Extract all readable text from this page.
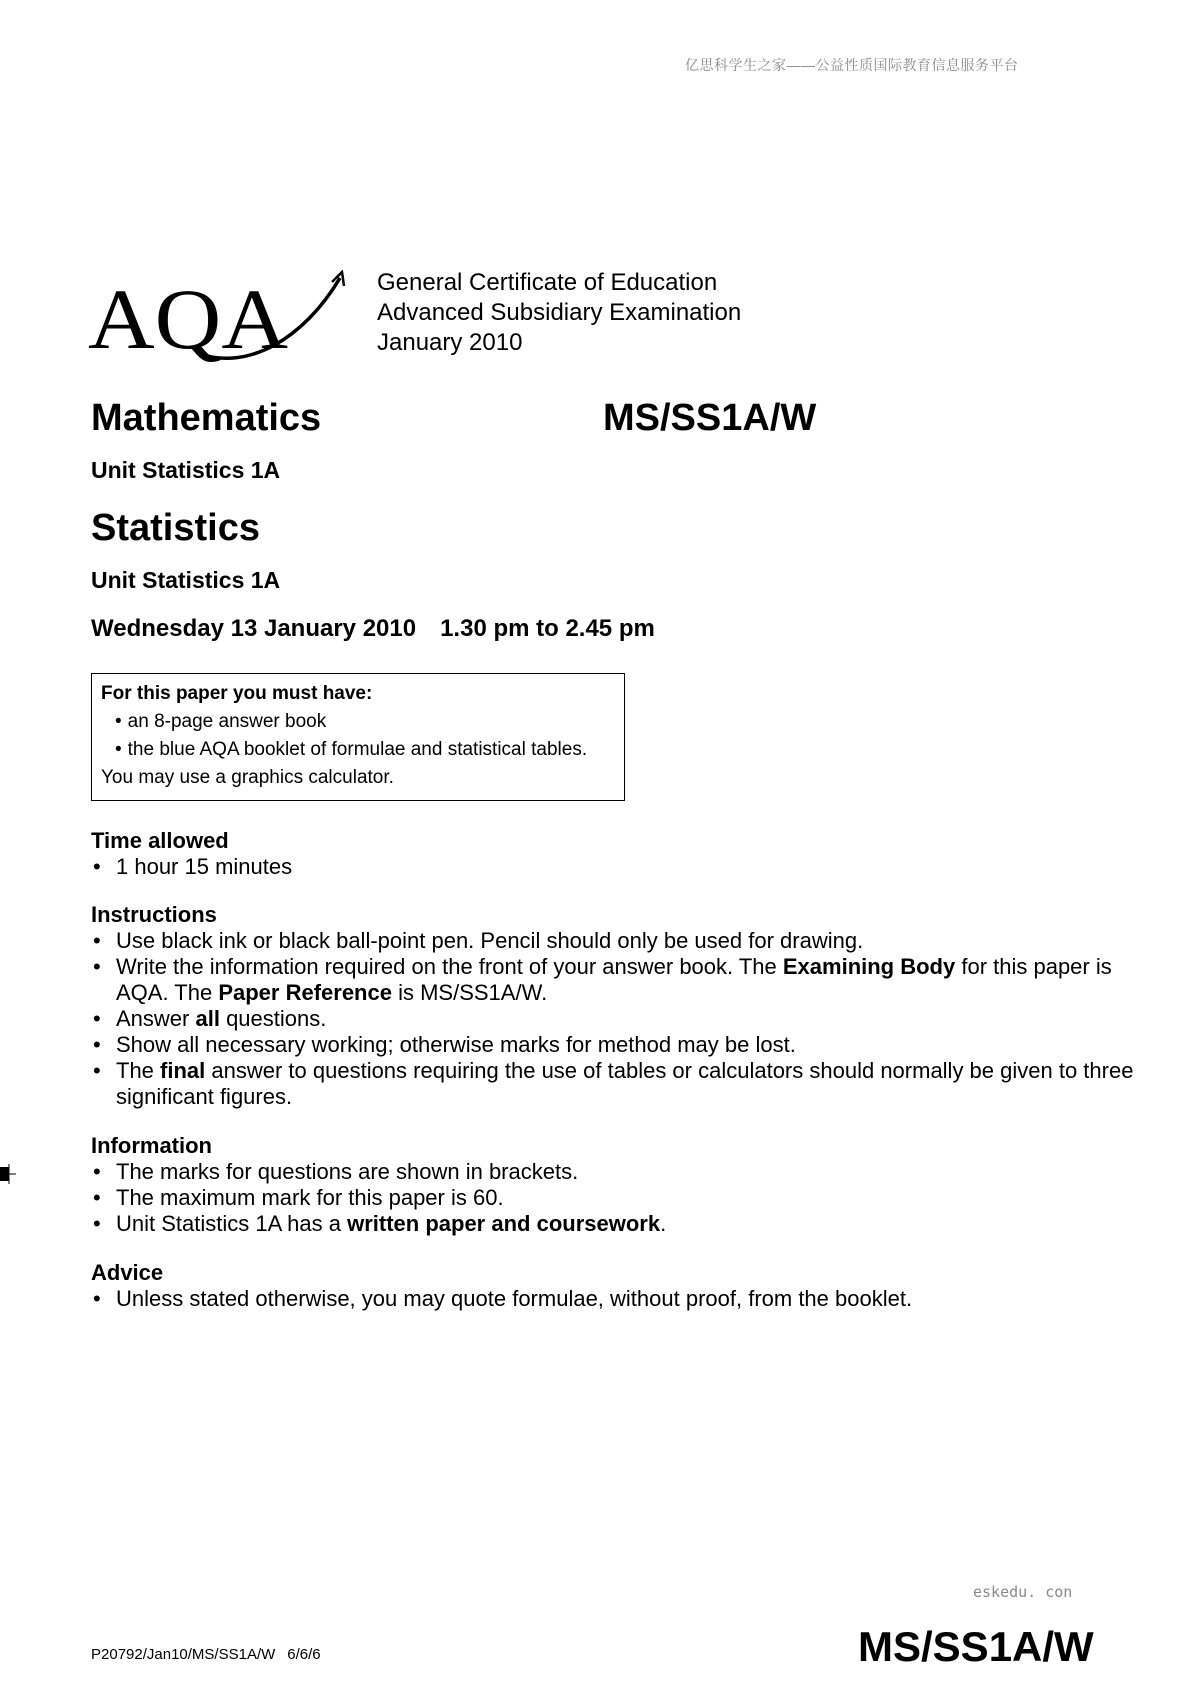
亿思科学生之家——公益性质国际教育信息服务平台
AQA	General Certificate of Education
Advanced Subsidiary Examination
January 2010
Mathematics	MS/SS1A/W
Unit Statistics 1A
Statistics
Unit Statistics 1A
Wednesday 13 January 2010 1.30 pm to 2.45 pm
For this paper you must have:
• an 8-page answer book
• the blue AQA booklet of formulae and statistical tables.
You may use a graphics calculator.
Time allowed
• 1 hour 15 minutes
Instructions
• Use black ink or black ball-point pen. Pencil should only be used for drawing.
• Write the information required on the front of your answer book. The Examining Body for this paper is AQA. The Paper Reference is MS/SS1A/W.
• Answer all questions.
• Show all necessary working; otherwise marks for method may be lost.
• The final answer to questions requiring the use of tables or calculators should normally be given to three significant figures.
Information
• The marks for questions are shown in brackets.
• The maximum mark for this paper is 60.
• Unit Statistics 1A has a written paper and coursework.
Advice
• Unless stated otherwise, you may quote formulae, without proof, from the booklet.
eskedu. con
P20792/Jan10/MS/SS1A/W 6/6/6	MS/SS1A/W
